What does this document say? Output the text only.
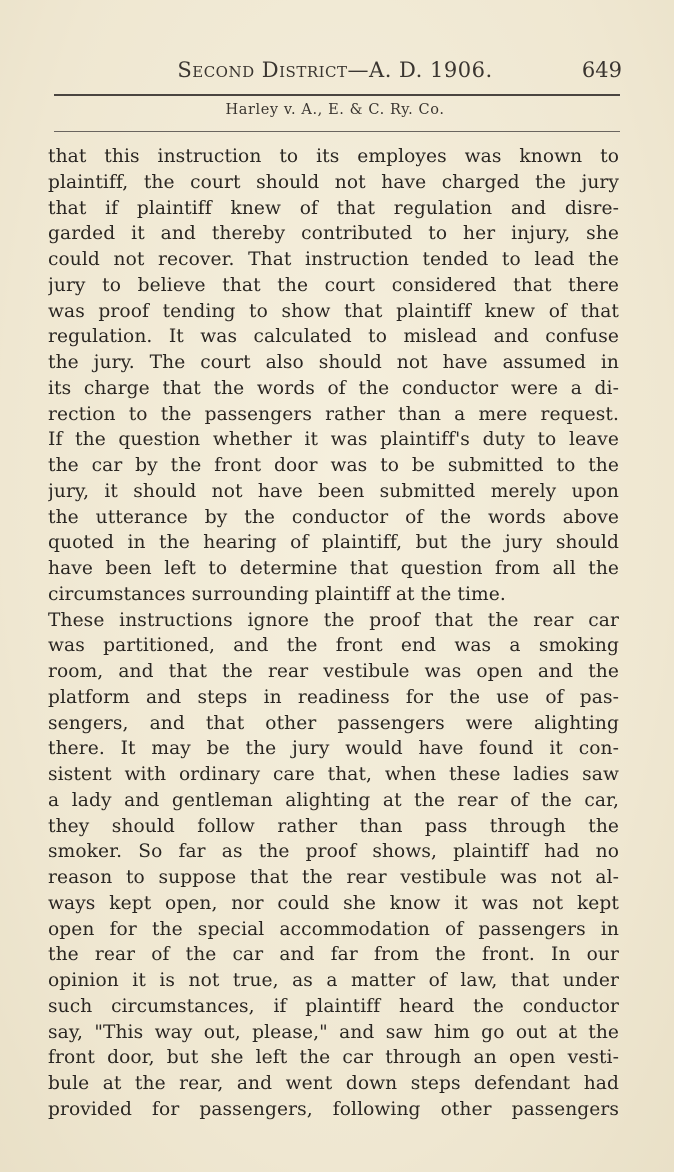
Second District—A. D. 1906.	649
Harley v. A., E. & C. Ry. Co.
that this instruction to its employes was known to
plaintiff, the court should not have charged the jury
that if plaintiff knew of that regulation and disre-
garded it and thereby contributed to her injury, she
could not recover. That instruction tended to lead the
jury to believe that the court considered that there
was proof tending to show that plaintiff knew of that
regulation. It was calculated to mislead and confuse
the jury. The court also should not have assumed in
its charge that the words of the conductor were a di-
rection to the passengers rather than a mere request.
If the question whether it was plaintiff's duty to leave
the car by the front door was to be submitted to the
jury, it should not have been submitted merely upon
the utterance by the conductor of the words above
quoted in the hearing of plaintiff, but the jury should
have been left to determine that question from all the
circumstances surrounding plaintiff at the time.
These instructions ignore the proof that the rear car
was partitioned, and the front end was a smoking
room, and that the rear vestibule was open and the
platform and steps in readiness for the use of pas-
sengers, and that other passengers were alighting
there. It may be the jury would have found it con-
sistent with ordinary care that, when these ladies saw
a lady and gentleman alighting at the rear of the car,
they should follow rather than pass through the
smoker. So far as the proof shows, plaintiff had no
reason to suppose that the rear vestibule was not al-
ways kept open, nor could she know it was not kept
open for the special accommodation of passengers in
the rear of the car and far from the front. In our
opinion it is not true, as a matter of law, that under
such circumstances, if plaintiff heard the conductor
say, "This way out, please," and saw him go out at the
front door, but she left the car through an open vesti-
bule at the rear, and went down steps defendant had
provided for passengers, following other passengers
